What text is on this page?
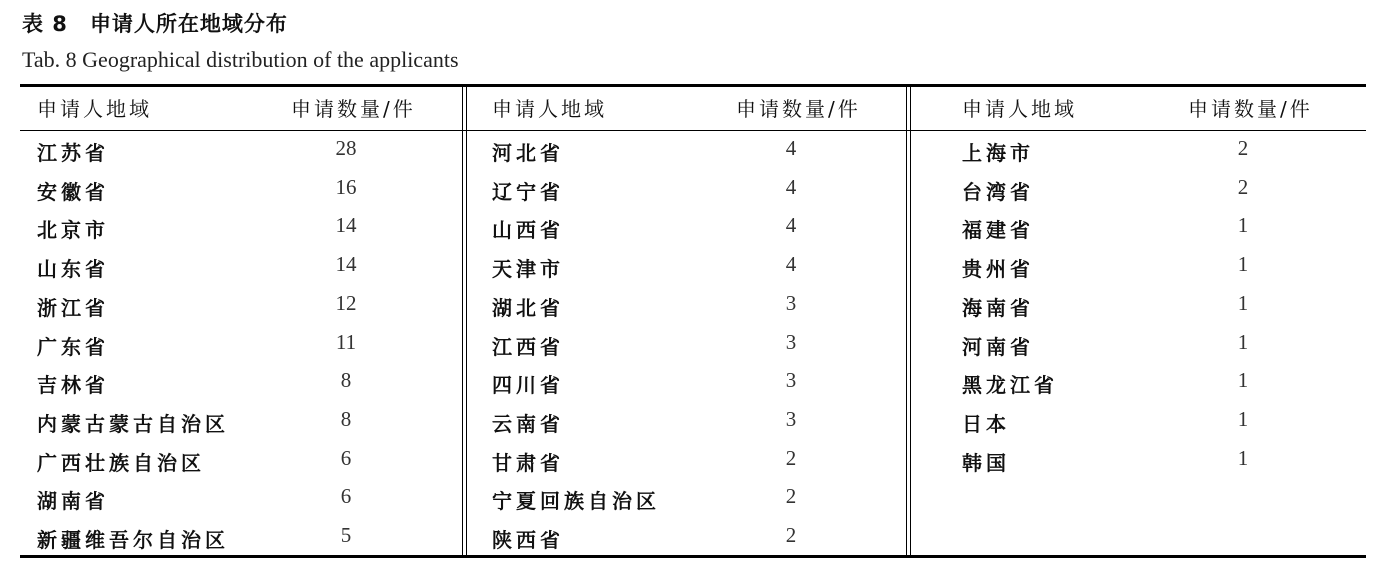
表 8 申请人所在地域分布
Tab. 8 Geographical distribution of the applicants
申请人地域	申请数量/件
江苏省	28
安徽省	16
北京市	14
山东省	14
浙江省	12
广东省	11
吉林省	8
内蒙古蒙古自治区	8
广西壮族自治区	6
湖南省	6
新疆维吾尔自治区	5
申请人地域	申请数量/件
河北省	4
辽宁省	4
山西省	4
天津市	4
湖北省	3
江西省	3
四川省	3
云南省	3
甘肃省	2
宁夏回族自治区	2
陕西省	2
申请人地域	申请数量/件
上海市	2
台湾省	2
福建省	1
贵州省	1
海南省	1
河南省	1
黑龙江省	1
日本	1
韩国	1
